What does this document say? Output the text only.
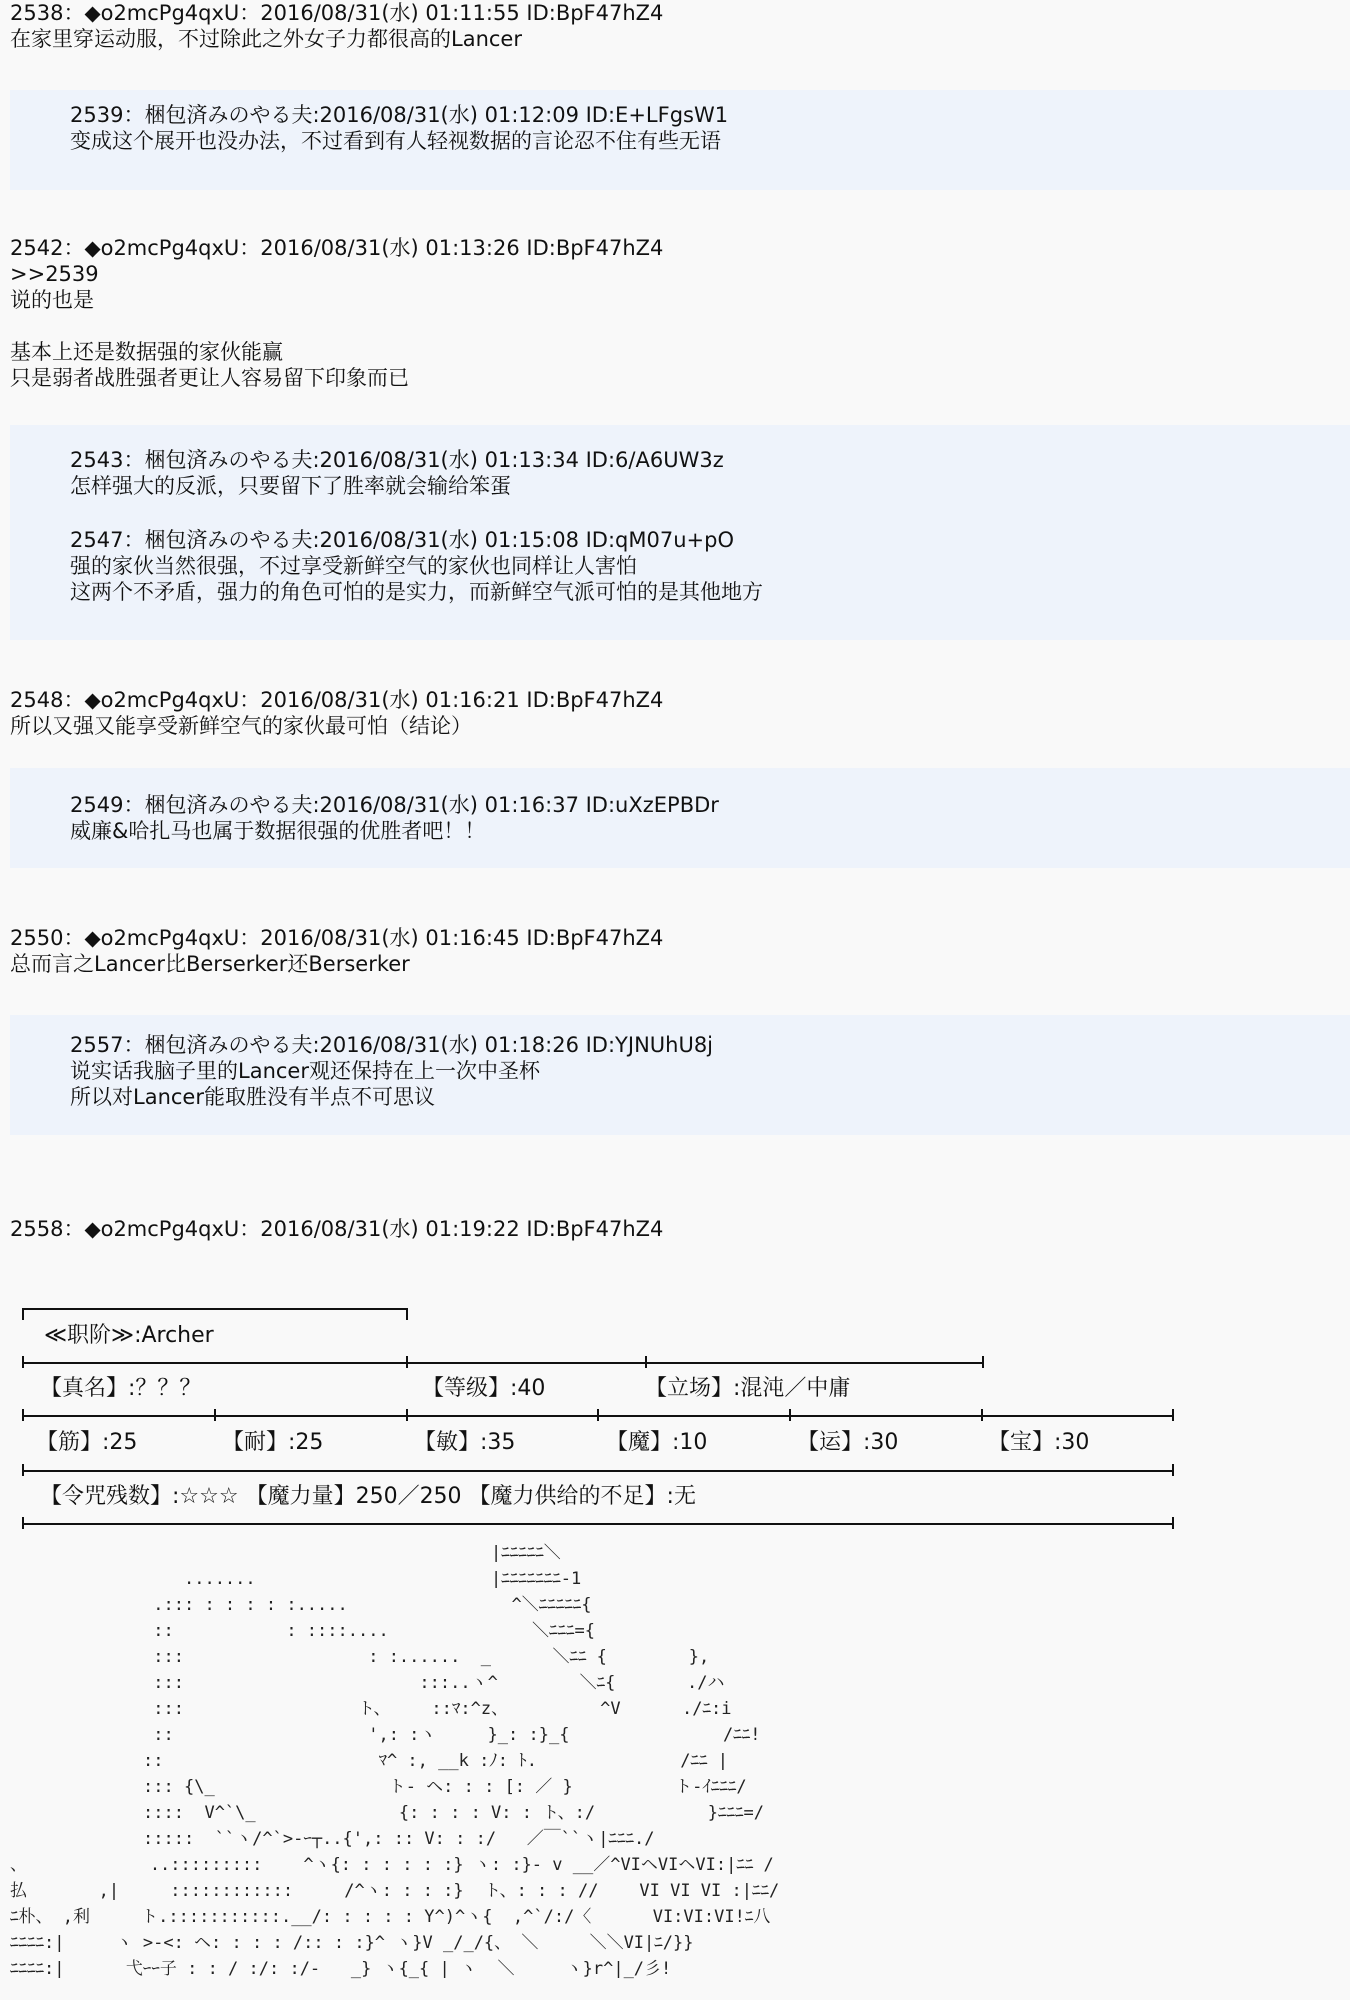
2538：◆o2mcPg4qxU：2016/08/31(水) 01:11:55 ID:BpF47hZ4
在家里穿运动服，不过除此之外女子力都很高的Lancer
2539：梱包済みのやる夫:2016/08/31(水) 01:12:09 ID:E+LFgsW1
变成这个展开也没办法，不过看到有人轻视数据的言论忍不住有些无语
2542：◆o2mcPg4qxU：2016/08/31(水) 01:13:26 ID:BpF47hZ4
>>2539
说的也是
基本上还是数据强的家伙能赢
只是弱者战胜强者更让人容易留下印象而已
2543：梱包済みのやる夫:2016/08/31(水) 01:13:34 ID:6/A6UW3z
怎样强大的反派，只要留下了胜率就会输给笨蛋
2547：梱包済みのやる夫:2016/08/31(水) 01:15:08 ID:qM07u+pO
强的家伙当然很强，不过享受新鲜空气的家伙也同样让人害怕
这两个不矛盾，强力的角色可怕的是实力，而新鲜空气派可怕的是其他地方
2548：◆o2mcPg4qxU：2016/08/31(水) 01:16:21 ID:BpF47hZ4
所以又强又能享受新鲜空气的家伙最可怕（结论）
2549：梱包済みのやる夫:2016/08/31(水) 01:16:37 ID:uXzEPBDr
威廉&哈扎马也属于数据很强的优胜者吧！！
2550：◆o2mcPg4qxU：2016/08/31(水) 01:16:45 ID:BpF47hZ4
总而言之Lancer比Berserker还Berserker
2557：梱包済みのやる夫:2016/08/31(水) 01:18:26 ID:YJNUhU8j
说实话我脑子里的Lancer观还保持在上一次中圣杯
所以对Lancer能取胜没有半点不可思议
2558：◆o2mcPg4qxU：2016/08/31(水) 01:19:22 ID:BpF47hZ4
≪职阶≫:Archer
【真名】:？？？	【等级】:40	【立场】:混沌／中庸
【筋】:25	【耐】:25	【敏】:35	【魔】:10	【运】:30	【宝】:30
【令咒残数】:☆☆☆ 【魔力量】250／250 【魔力供给的不足】:无
|ﾆﾆﾆﾆﾆ＼
.......                       |ﾆﾆﾆﾆﾆﾆﾆ-1
.::: : : : : :.....                ^＼ﾆﾆﾆﾆﾆ{
::           : ::::....              ＼ﾆﾆﾆ={
:::                  : :......  _      ＼ﾆﾆ {        },
:::                       :::..ヽ^        ＼ﾆ{       ./ハ
:::                 ト、    ::ﾏ:^z、         ^V      ./ﾆ:i
::                   ',: :ヽ     }_: :}_{               /ﾆﾆ!
::                     ﾏ^ :, __k :ﾉ: ﾄ.              /ﾆﾆ |
::: {\_                 ト- ヘ: : : [: ／ }          ト-ｲﾆﾆﾆ/
::::  V^`\_              {: : : : V: : ト、:/           }ﾆﾆﾆ=/
:::::  ``ヽ/^`>-ｰ┬..{',: :: V: : :/   ／￣``ヽ|ﾆﾆﾆ./
、            ..:::::::::    ^ヽ{: : : : : :} ヽ: :}- v __／^VIヘVIヘVI:|ﾆﾆ /
払       ,|     ::::::::::::     /^ヽ: : : :}  ト、: : : //    VI VI VI :|ﾆﾆ/
ﾆ朴、 ,利     ト.:::::::::::.__/: : : : : Y^)^ヽ{  ,^`/:/〈      VI:VI:VI!ﾆ八
ﾆﾆﾆﾆ:|     ヽ >-<: ヘ: : : : /:: : :}^ ヽ}V _/_/{、 ＼     ＼＼VI|ﾆ/}}
ﾆﾆﾆﾆ:|      弋ｰｰ子 : : / :/: :/-   _} ヽ{_{ | ヽ  ＼     ヽ}r^|_/彡!
